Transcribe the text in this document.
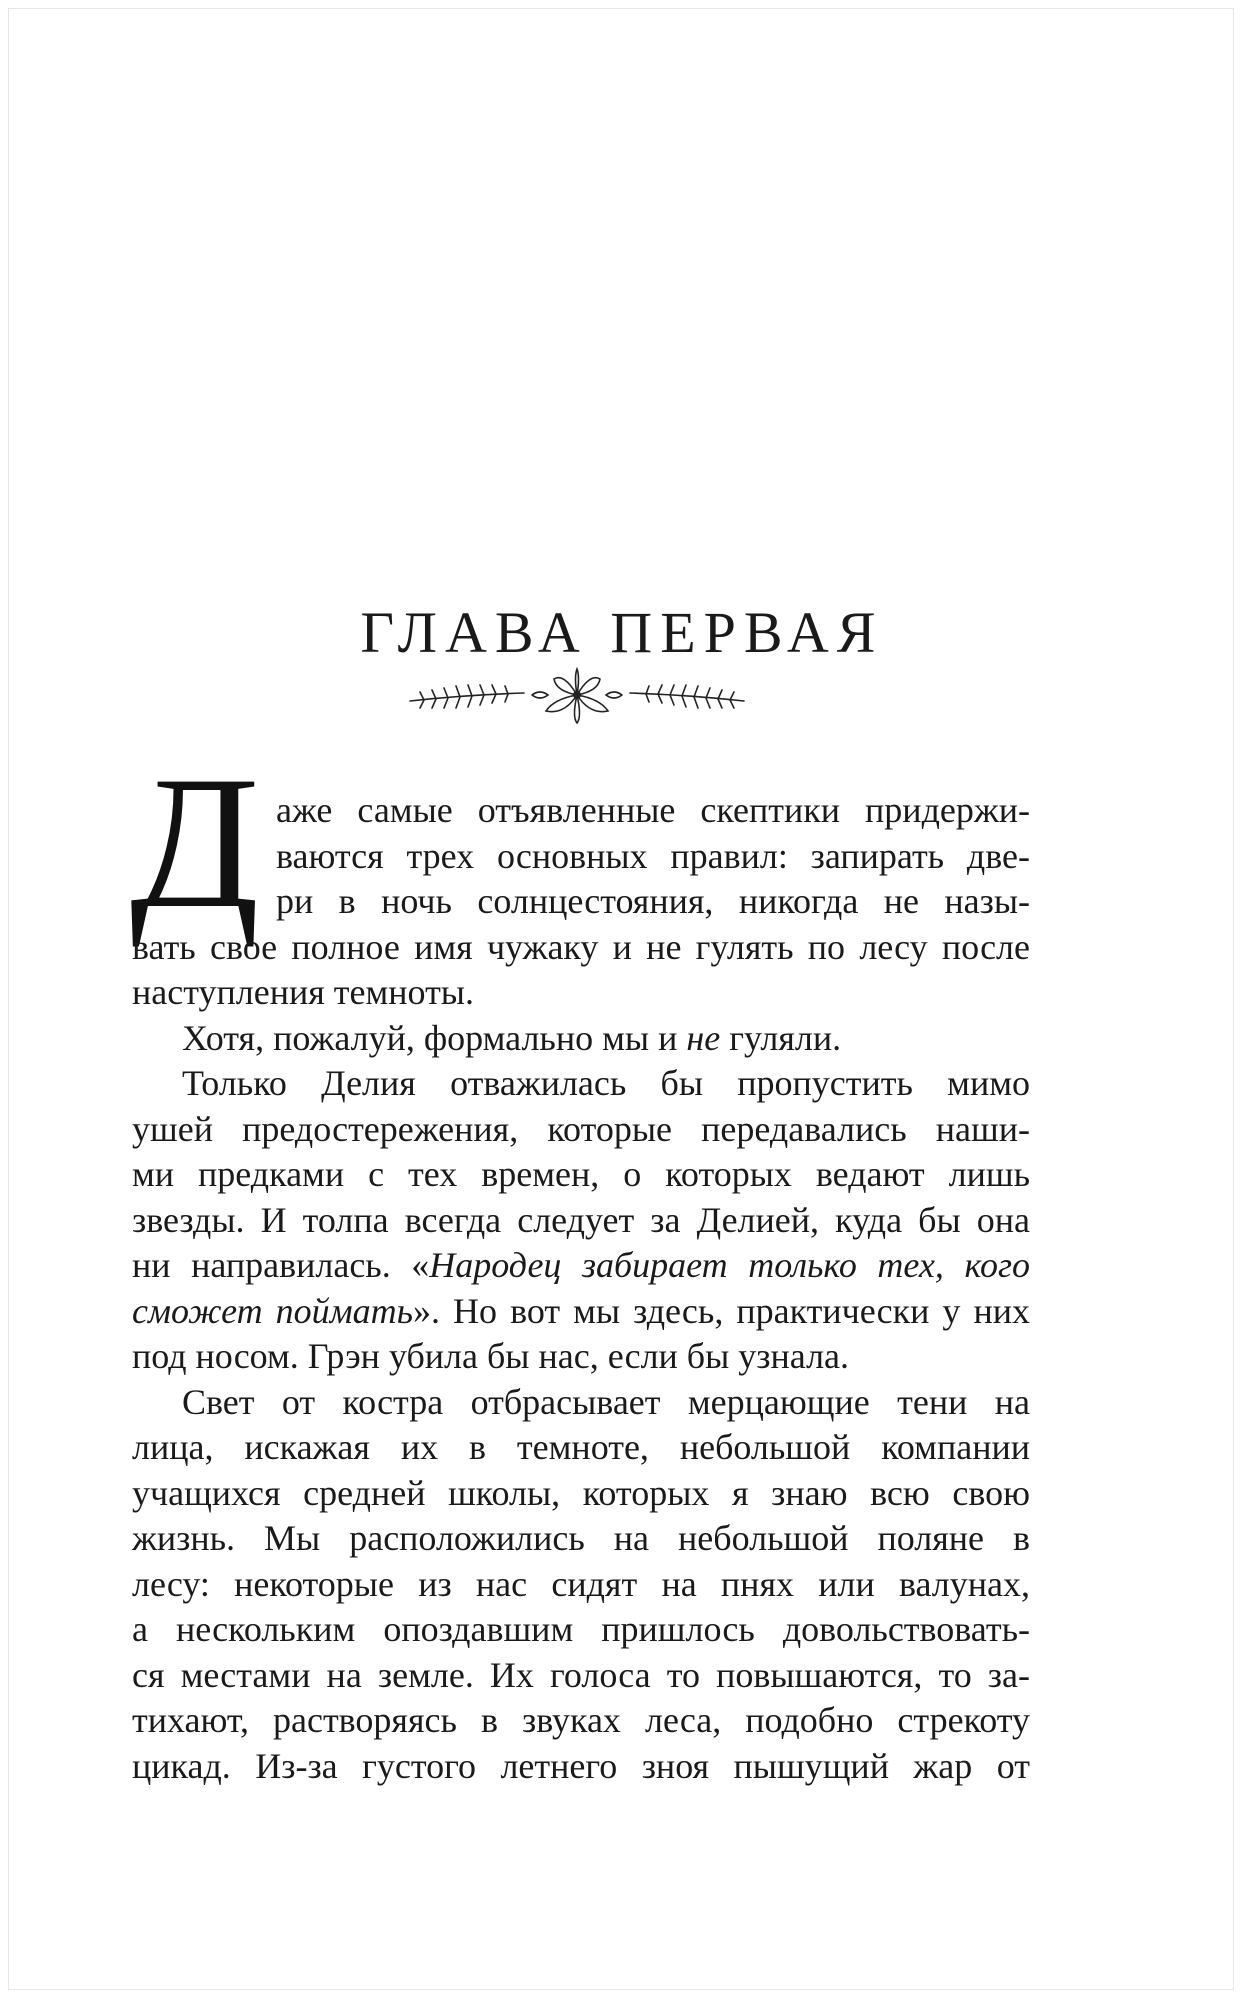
ГЛАВА ПЕРВАЯ
Д аже самые отъявленные скептики придержи-
ваются трех основных правил: запирать две-
ри в ночь солнцестояния, никогда не назы-
вать свое полное имя чужаку и не гулять по лесу после
наступления темноты.
Хотя, пожалуй, формально мы и не гуляли.
Только Делия отважилась бы пропустить мимо
ушей предостережения, которые передавались наши-
ми предками с тех времен, о которых ведают лишь
звезды. И толпа всегда следует за Делией, куда бы она
ни направилась. «Народец забирает только тех, кого
сможет поймать». Но вот мы здесь, практически у них
под носом. Грэн убила бы нас, если бы узнала.
Свет от костра отбрасывает мерцающие тени на
лица, искажая их в темноте, небольшой компании
учащихся средней школы, которых я знаю всю свою
жизнь. Мы расположились на небольшой поляне в
лесу: некоторые из нас сидят на пнях или валунах,
а нескольким опоздавшим пришлось довольствовать-
ся местами на земле. Их голоса то повышаются, то за-
тихают, растворяясь в звуках леса, подобно стрекоту
цикад. Из-за густого летнего зноя пышущий жар от
